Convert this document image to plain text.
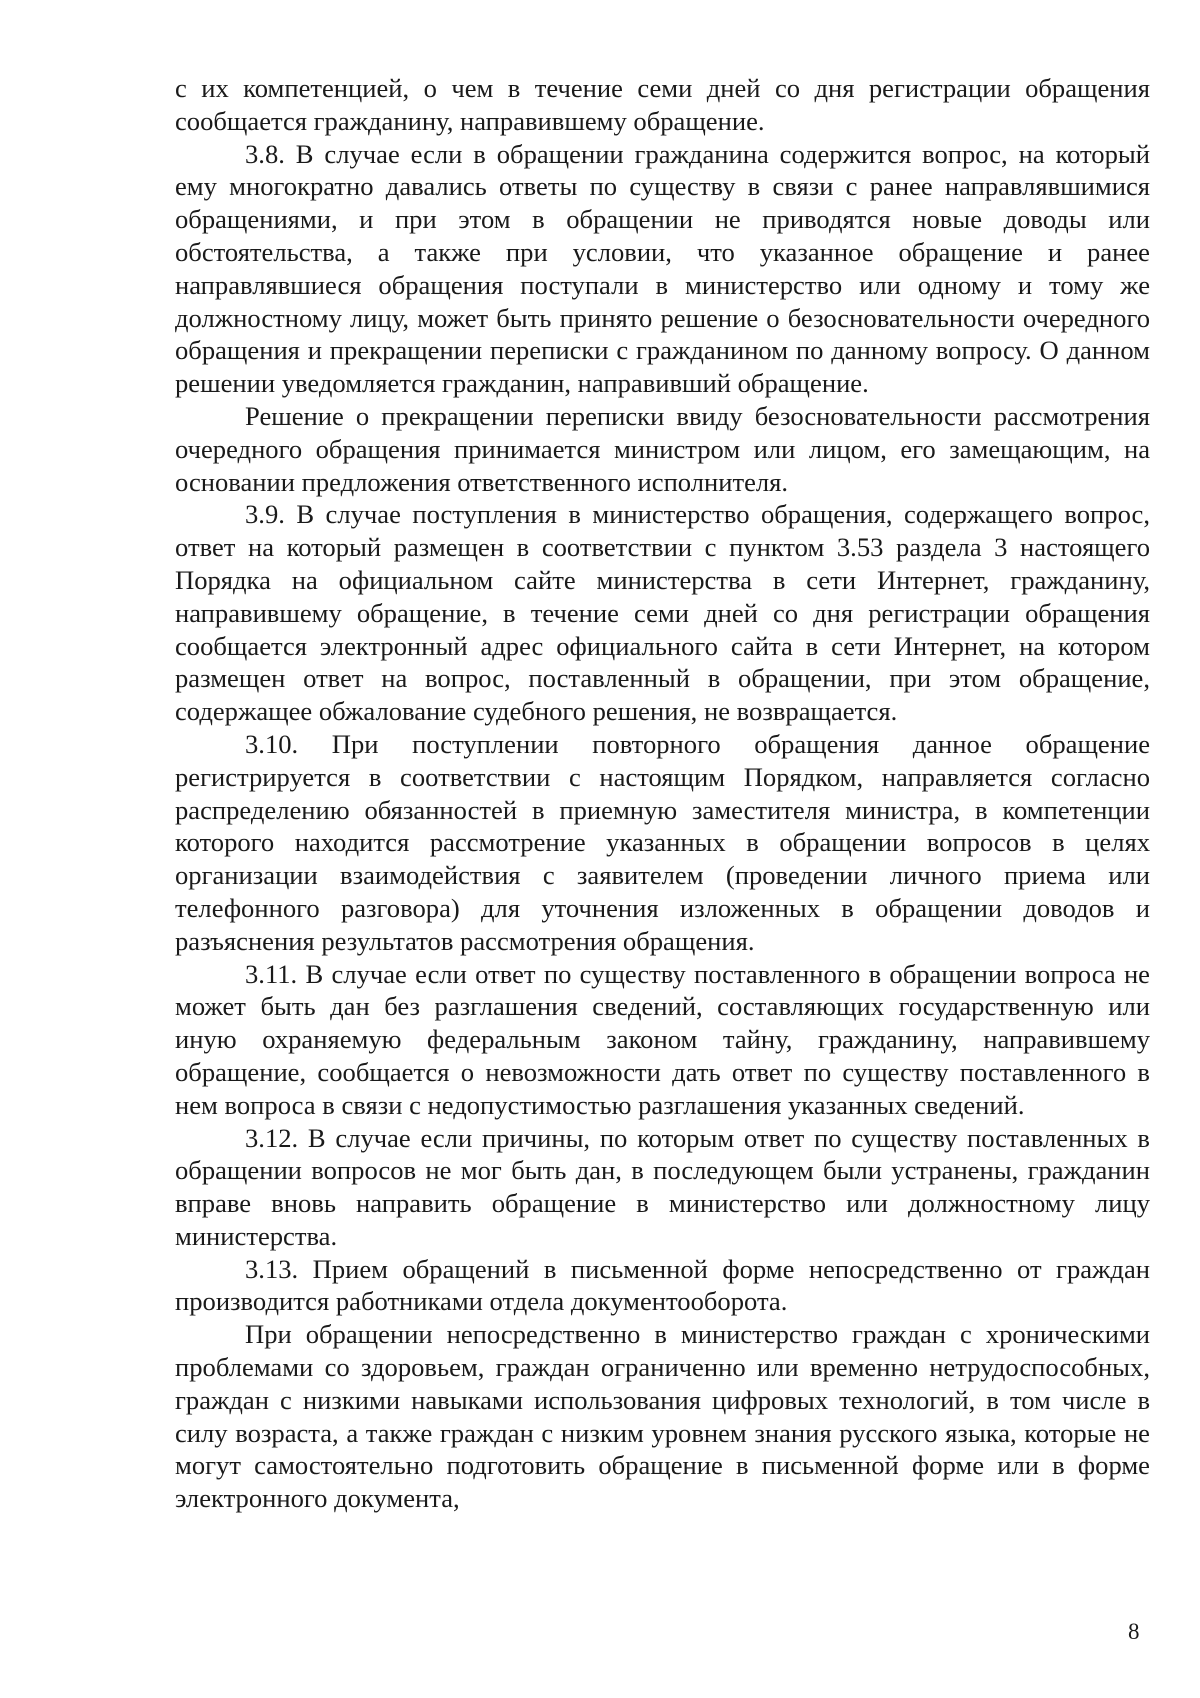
с их компетенцией, о чем в течение семи дней со дня регистрации обращения сообщается гражданину, направившему обращение.

3.8. В случае если в обращении гражданина содержится вопрос, на который ему многократно давались ответы по существу в связи с ранее направлявшимися обращениями, и при этом в обращении не приводятся новые доводы или обстоятельства, а также при условии, что указанное обращение и ранее направлявшиеся обращения поступали в министерство или одному и тому же должностному лицу, может быть принято решение о безосновательности очередного обращения и прекращении переписки с гражданином по данному вопросу. О данном решении уведомляется гражданин, направивший обращение.

Решение о прекращении переписки ввиду безосновательности рассмотрения очередного обращения принимается министром или лицом, его замещающим, на основании предложения ответственного исполнителя.

3.9. В случае поступления в министерство обращения, содержащего вопрос, ответ на который размещен в соответствии с пунктом 3.53 раздела 3 настоящего Порядка на официальном сайте министерства в сети Интернет, гражданину, направившему обращение, в течение семи дней со дня регистрации обращения сообщается электронный адрес официального сайта в сети Интернет, на котором размещен ответ на вопрос, поставленный в обращении, при этом обращение, содержащее обжалование судебного решения, не возвращается.

3.10. При поступлении повторного обращения данное обращение регистрируется в соответствии с настоящим Порядком, направляется согласно распределению обязанностей в приемную заместителя министра, в компетенции которого находится рассмотрение указанных в обращении вопросов в целях организации взаимодействия с заявителем (проведении личного приема или телефонного разговора) для уточнения изложенных в обращении доводов и разъяснения результатов рассмотрения обращения.

3.11. В случае если ответ по существу поставленного в обращении вопроса не может быть дан без разглашения сведений, составляющих государственную или иную охраняемую федеральным законом тайну, гражданину, направившему обращение, сообщается о невозможности дать ответ по существу поставленного в нем вопроса в связи с недопустимостью разглашения указанных сведений.

3.12. В случае если причины, по которым ответ по существу поставленных в обращении вопросов не мог быть дан, в последующем были устранены, гражданин вправе вновь направить обращение в министерство или должностному лицу министерства.

3.13. Прием обращений в письменной форме непосредственно от граждан производится работниками отдела документооборота.

При обращении непосредственно в министерство граждан с хроническими проблемами со здоровьем, граждан ограниченно или временно нетрудоспособных, граждан с низкими навыками использования цифровых технологий, в том числе в силу возраста, а также граждан с низким уровнем знания русского языка, которые не могут самостоятельно подготовить обращение в письменной форме или в форме электронного документа,

8
